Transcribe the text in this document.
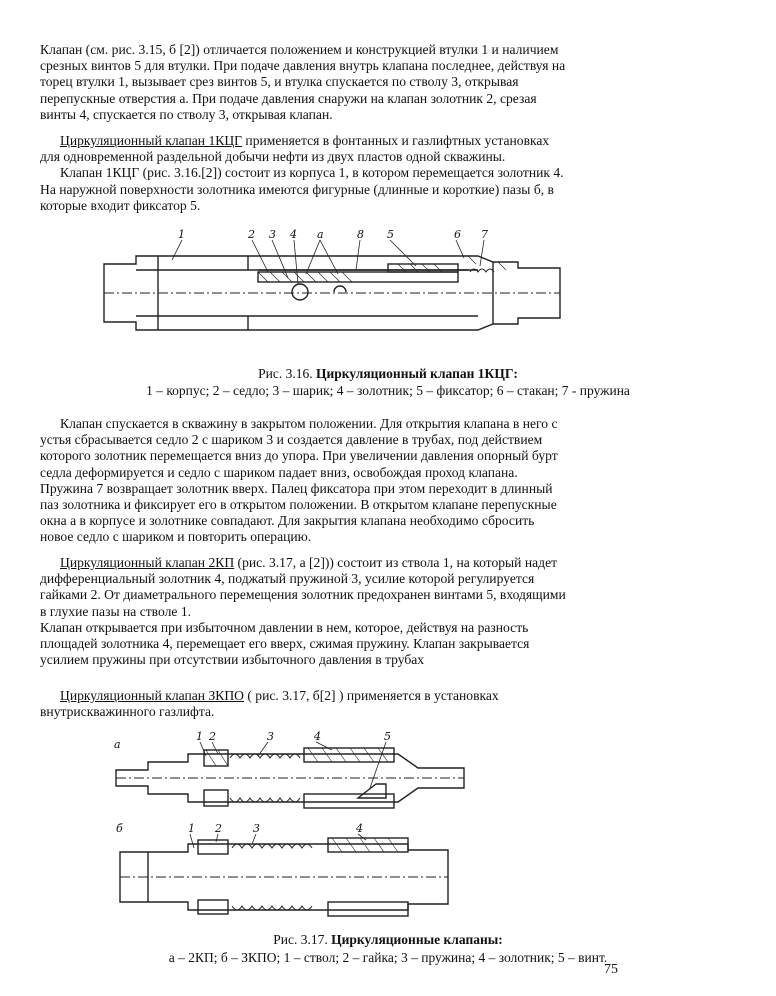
Клапан (см. рис. 3.15, б [2]) отличается положением и конструкцией втулки 1 и наличием
срезных винтов 5 для втулки. При подаче давления внутрь клапана последнее, действуя на
торец втулки 1, вызывает срез винтов 5, и втулка спускается по стволу 3, открывая
перепускные отверстия а. При подаче давления снаружи на клапан золотник 2, срезая
винты 4, спускается по стволу 3, открывая клапан.
Циркуляционный клапан 1КЦГ применяется в фонтанных и газлифтных установках
для одновременной раздельной добычи нефти из двух пластов одной скважины.
Клапан 1КЦГ (рис. 3.16.[2]) состоит из корпуса 1, в котором перемещается золотник 4.
На наружной поверхности золотника имеются фигурные (длинные и короткие) пазы б, в
которые входит фиксатор 5.
1	2 3 4 а	8 5	6 7
Рис. 3.16. Циркуляционный клапан 1КЦГ:
1 – корпус; 2 – седло; 3 – шарик; 4 – золотник; 5 – фиксатор; 6 – стакан; 7 - пружина
Клапан спускается в скважину в закрытом положении. Для открытия клапана в него с
устья сбрасывается седло 2 с шариком 3 и создается давление в трубах, под действием
которого золотник перемещается вниз до упора. При увеличении давления опорный бурт
седла деформируется и седло с шариком падает вниз, освобождая проход клапана.
Пружина 7 возвращает золотник вверх. Палец фиксатора при этом переходит в длинный
паз золотника и фиксирует его в открытом положении. В открытом клапане перепускные
окна а в корпусе и золотнике совпадают. Для закрытия клапана необходимо сбросить
новое седло с шариком и повторить операцию.
Циркуляционный клапан 2КП (рис. 3.17, а [2])) состоит из ствола 1, на который надет
дифференциальный золотник 4, поджатый пружиной 3, усилие которой регулируется
гайками 2. От диаметрального перемещения золотник предохранен винтами 5, входящими
в глухие пазы на стволе 1.
Клапан открывается при избыточном давлении в нем, которое, действуя на разность
площадей золотника 4, перемещает его вверх, сжимая пружину. Клапан закрывается
усилием пружины при отсутствии избыточного давления в трубах
Циркуляционный клапан ЗКПО ( рис. 3.17, б[2] ) применяется в установках
внутрискважинного газлифта.
а
1 2	3	4	5
б	1 2	3	4
Рис. 3.17. Циркуляционные клапаны:
а – 2КП; б – ЗКПО; 1 – ствол; 2 – гайка; 3 – пружина; 4 – золотник; 5 – винт.
75
